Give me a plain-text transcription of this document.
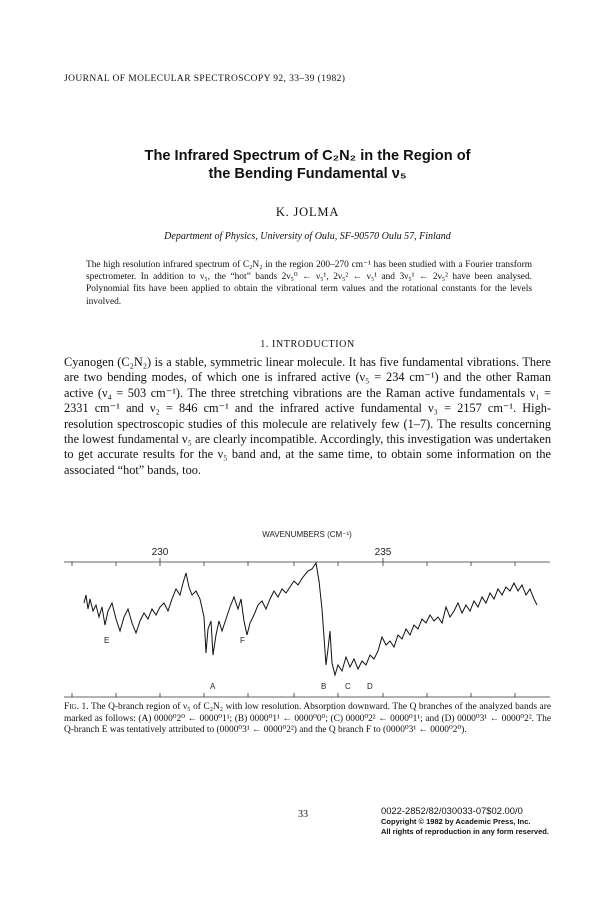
JOURNAL OF MOLECULAR SPECTROSCOPY 92, 33–39 (1982)
The Infrared Spectrum of C₂N₂ in the Region of
the Bending Fundamental ν₅
K. JOLMA
Department of Physics, University of Oulu, SF-90570 Oulu 57, Finland
The high resolution infrared spectrum of C₂N₂ in the region 200–270 cm⁻¹ has been studied with a Fourier transform spectrometer. In addition to ν₅, the “hot” bands 2ν₅⁰ ← ν₅¹, 2ν₅² ← ν₅¹ and 3ν₅¹ ← 2ν₅² have been analysed. Polynomial fits have been applied to obtain the vibrational term values and the rotational constants for the levels involved.
1. INTRODUCTION
Cyanogen (C₂N₂) is a stable, symmetric linear molecule. It has five fundamental vibrations. There are two bending modes, of which one is infrared active (ν₅ = 234 cm⁻¹) and the other Raman active (ν₄ = 503 cm⁻¹). The three stretching vibrations are the Raman active fundamentals ν₁ = 2331 cm⁻¹ and ν₂ = 846 cm⁻¹ and the infrared active fundamental ν₃ = 2157 cm⁻¹. High-resolution spectroscopic studies of this molecule are relatively few (1–7). The results concerning the lowest fundamental ν₅ are clearly incompatible. Accordingly, this investigation was undertaken to get accurate results for the ν₅ band and, at the same time, to obtain some information on the associated “hot” bands, too.
WAVENUMBERS (CM⁻¹)
230	235
E	F
A	B C D
Fig. 1. The Q-branch region of ν₅ of C₂N₂ with low resolution. Absorption downward. The Q branches of the analyzed bands are marked as follows: (A) 0000⁰2⁰ ← 0000⁰1¹; (B) 0000⁰1¹ ← 0000⁰0⁰; (C) 0000⁰2² ← 0000⁰1¹; and (D) 0000⁰3¹ ← 0000⁰2². The Q-branch E was tentatively attributed to (0000⁰3¹ ← 0000⁰2²) and the Q branch F to (0000⁰3¹ ← 0000⁰2⁰).
33	0022-2852/82/030033-07$02.00/0
Copyright © 1982 by Academic Press, Inc.
All rights of reproduction in any form reserved.
